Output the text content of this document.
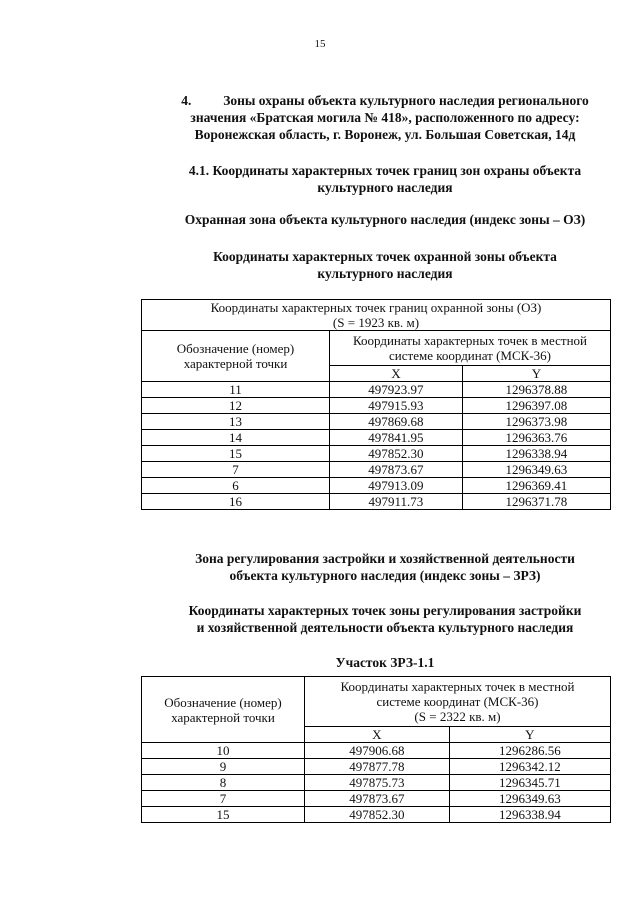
15
4. Зоны охраны объекта культурного наследия регионального
значения «Братская могила № 418», расположенного по адресу:
Воронежская область, г. Воронеж, ул. Большая Советская, 14д
4.1. Координаты характерных точек границ зон охраны объекта
культурного наследия
Охранная зона объекта культурного наследия (индекс зоны – ОЗ)
Координаты характерных точек охранной зоны объекта
культурного наследия
Координаты характерных точек границ охранной зоны (ОЗ)
(S = 1923 кв. м)		

Обозначение (номер) характерной точки	Координаты характерных точек в местной системе координат (МСК-36)	
	X	Y
11	497923.97	1296378.88
12	497915.93	1296397.08
13	497869.68	1296373.98
14	497841.95	1296363.76
15	497852.30	1296338.94
7	497873.67	1296349.63
6	497913.09	1296369.41
16	497911.73	1296371.78
Зона регулирования застройки и хозяйственной деятельности
объекта культурного наследия (индекс зоны – ЗРЗ)
Координаты характерных точек зоны регулирования застройки
и хозяйственной деятельности объекта культурного наследия
Участок ЗРЗ-1.1
Обозначение (номер) характерной точки	Координаты характерных точек в местной
системе координат (МСК-36)
(S = 2322 кв. м)	

	X	Y
10	497906.68	1296286.56
9	497877.78	1296342.12
8	497875.73	1296345.71
7	497873.67	1296349.63
15	497852.30	1296338.94
